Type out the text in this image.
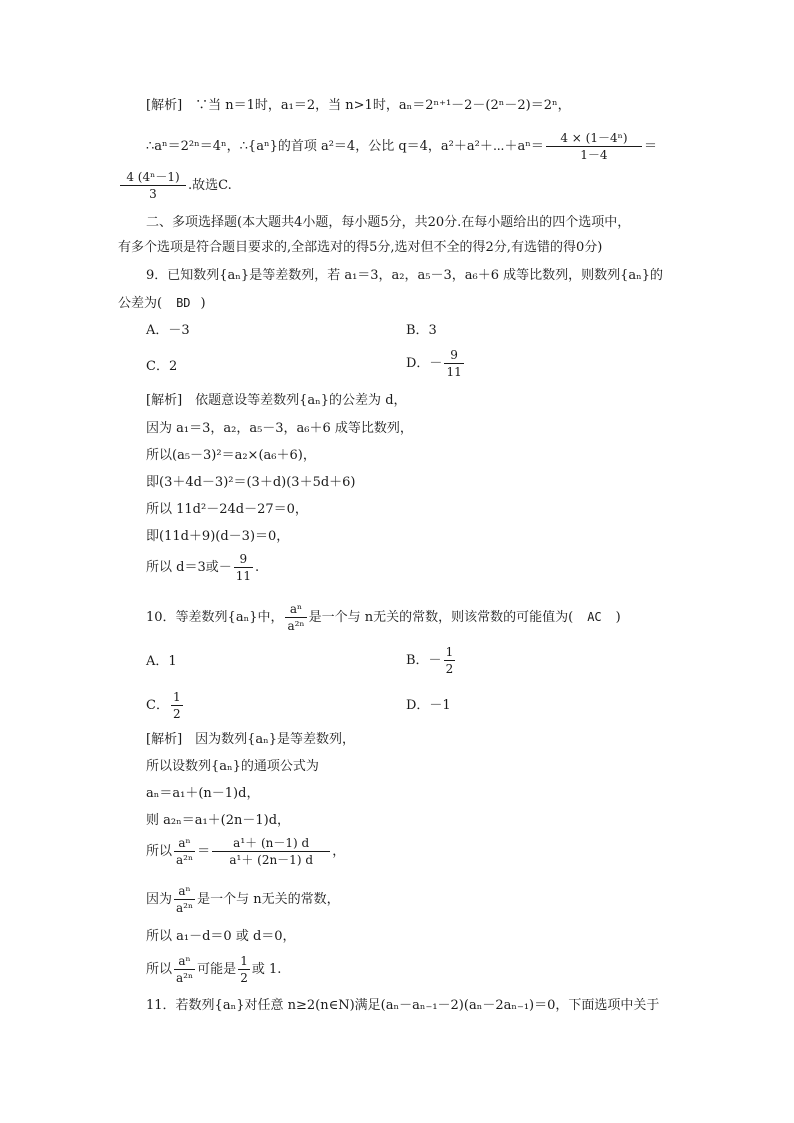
[解析]　∵当 n＝1时，a₁＝2，当 n>1时，aₙ＝2ⁿ⁺¹－2－(2ⁿ－2)＝2ⁿ，
∴aⁿ＝2²ⁿ＝4ⁿ，∴{aⁿ}的首项 a²＝4，公比 q＝4，a²＋a²＋⋯＋aⁿ＝ $\frac{\text{4 × (1－4ⁿ)}}{1-4}$ ＝
$\frac{\text{4 (4ⁿ－1)}}{3}$ .故选C.
二、多项选择题(本大题共4小题，每小题5分，共20分.在每小题给出的四个选项中，
有多个选项是符合题目要求的,全部选对的得5分,选对但不全的得2分,有选错的得0分)
9．已知数列{aₙ}是等差数列，若 a₁＝3，a₂，a₅－3，a₆＋6 成等比数列，则数列{aₙ}的
公差为( BD )
A．－3	B．3
C．2	D．－ $\frac{9}{11}$
[解析]　依题意设等差数列{aₙ}的公差为 d，
因为 a₁＝3，a₂，a₅－3，a₆＋6 成等比数列，
所以(a₅－3)²＝a₂×(a₆＋6)，
即(3＋4d－3)²＝(3＋d)(3＋5d＋6)
所以 11d²－24d－27＝0，
即(11d＋9)(d－3)＝0，
所以 d＝3或－ $\frac{9}{11}$ .
10．等差数列{aₙ}中， $\frac{\text{aⁿ}}{\text{a²ⁿ}}$ 是一个与 n无关的常数，则该常数的可能值为( AC )
A．1	B．－ $\frac{1}{2}$
C． $\frac{1}{2}$	D．－1
[解析]　因为数列{aₙ}是等差数列，
所以设数列{aₙ}的通项公式为
aₙ＝a₁＋(n－1)d，
则 a₂ₙ＝a₁＋(2n－1)d，
所以 $\frac{\text{aⁿ}}{\text{a²ⁿ}} = \frac{\text{a¹＋ (n－1) d}}{\text{a¹＋ (2n－1) d}}$ ，
因为 $\frac{\text{aⁿ}}{\text{a²ⁿ}}$ 是一个与 n无关的常数，
所以 a₁－d＝0 或 d＝0，
所以 $\frac{\text{aⁿ}}{\text{a²ⁿ}}$ 可能是 $\frac{1}{2}$ 或 1.
11．若数列{aₙ}对任意 n≥2(n∈N)满足(aₙ－aₙ₋₁－2)(aₙ－2aₙ₋₁)＝0，下面选项中关于
